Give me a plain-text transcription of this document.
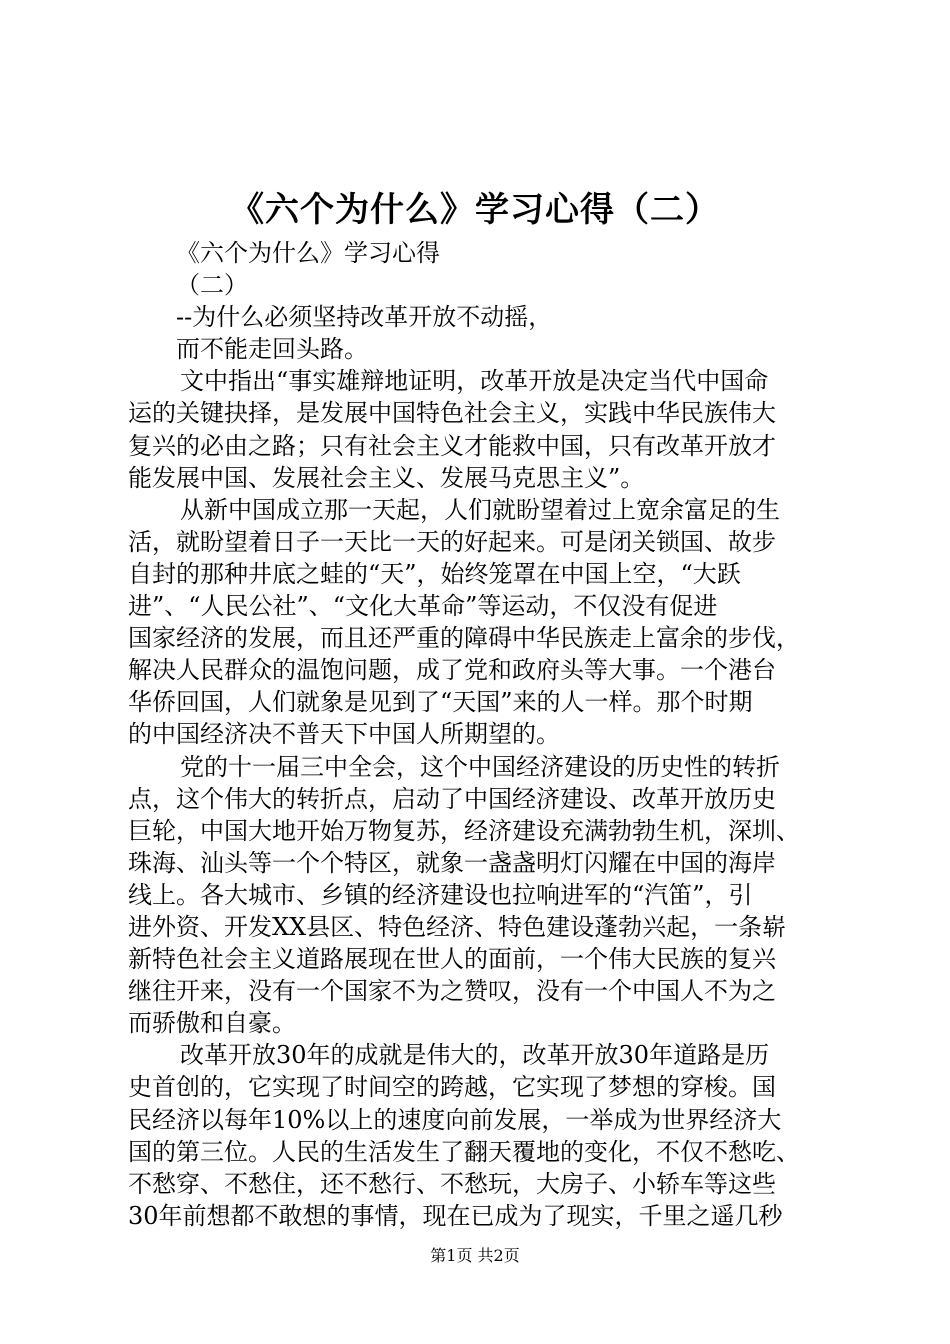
《六个为什么》学习心得（二）
《六个为什么》学习心得
（二）
--为什么必须坚持改革开放不动摇，
而不能走回头路。
文中指出“事实雄辩地证明，改革开放是决定当代中国命
运的关键抉择，是发展中国特色社会主义，实践中华民族伟大
复兴的必由之路；只有社会主义才能救中国，只有改革开放才
能发展中国、发展社会主义、发展马克思主义”。
从新中国成立那一天起，人们就盼望着过上宽余富足的生
活，就盼望着日子一天比一天的好起来。可是闭关锁国、故步
自封的那种井底之蛙的“天”，始终笼罩在中国上空，“大跃
进”、“人民公社”、“文化大革命”等运动，不仅没有促进
国家经济的发展，而且还严重的障碍中华民族走上富余的步伐，
解决人民群众的温饱问题，成了党和政府头等大事。一个港台
华侨回国，人们就象是见到了“天国”来的人一样。那个时期
的中国经济决不普天下中国人所期望的。
党的十一届三中全会，这个中国经济建设的历史性的转折
点，这个伟大的转折点，启动了中国经济建设、改革开放历史
巨轮，中国大地开始万物复苏，经济建设充满勃勃生机，深圳、
珠海、汕头等一个个特区，就象一盏盏明灯闪耀在中国的海岸
线上。各大城市、乡镇的经济建设也拉响进军的“汽笛”，引
进外资、开发XX县区、特色经济、特色建设蓬勃兴起，一条崭
新特色社会主义道路展现在世人的面前，一个伟大民族的复兴
继往开来，没有一个国家不为之赞叹，没有一个中国人不为之
而骄傲和自豪。
改革开放30年的成就是伟大的，改革开放30年道路是历
史首创的，它实现了时间空的跨越，它实现了梦想的穿梭。国
民经济以每年10%以上的速度向前发展，一举成为世界经济大
国的第三位。人民的生活发生了翻天覆地的变化，不仅不愁吃、
不愁穿、不愁住，还不愁行、不愁玩，大房子、小轿车等这些
30年前想都不敢想的事情，现在已成为了现实，千里之遥几秒
第1页 共2页
